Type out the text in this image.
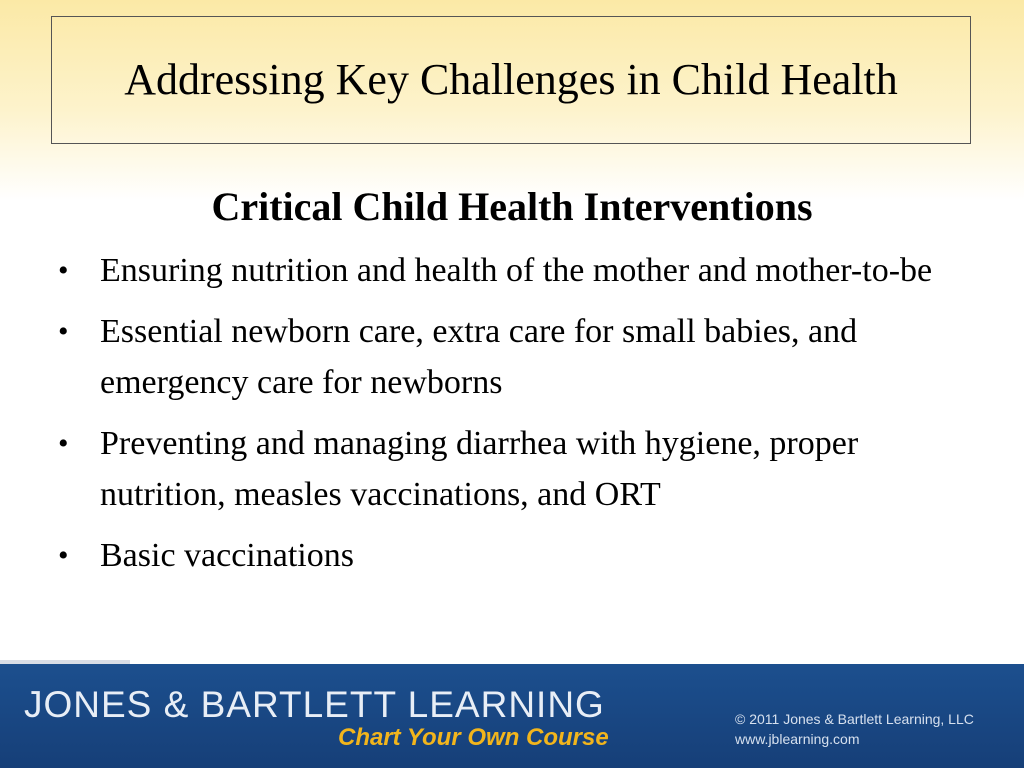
Addressing Key Challenges in Child Health
Critical Child Health Interventions
• Ensuring nutrition and health of the mother and mother-to-be
• Essential newborn care, extra care for small babies, and emergency care for newborns
• Preventing and managing diarrhea with hygiene, proper nutrition, measles vaccinations, and ORT
• Basic vaccinations
JONES & BARTLETT LEARNING
Chart Your Own Course
© 2011 Jones & Bartlett Learning, LLC
www.jblearning.com
